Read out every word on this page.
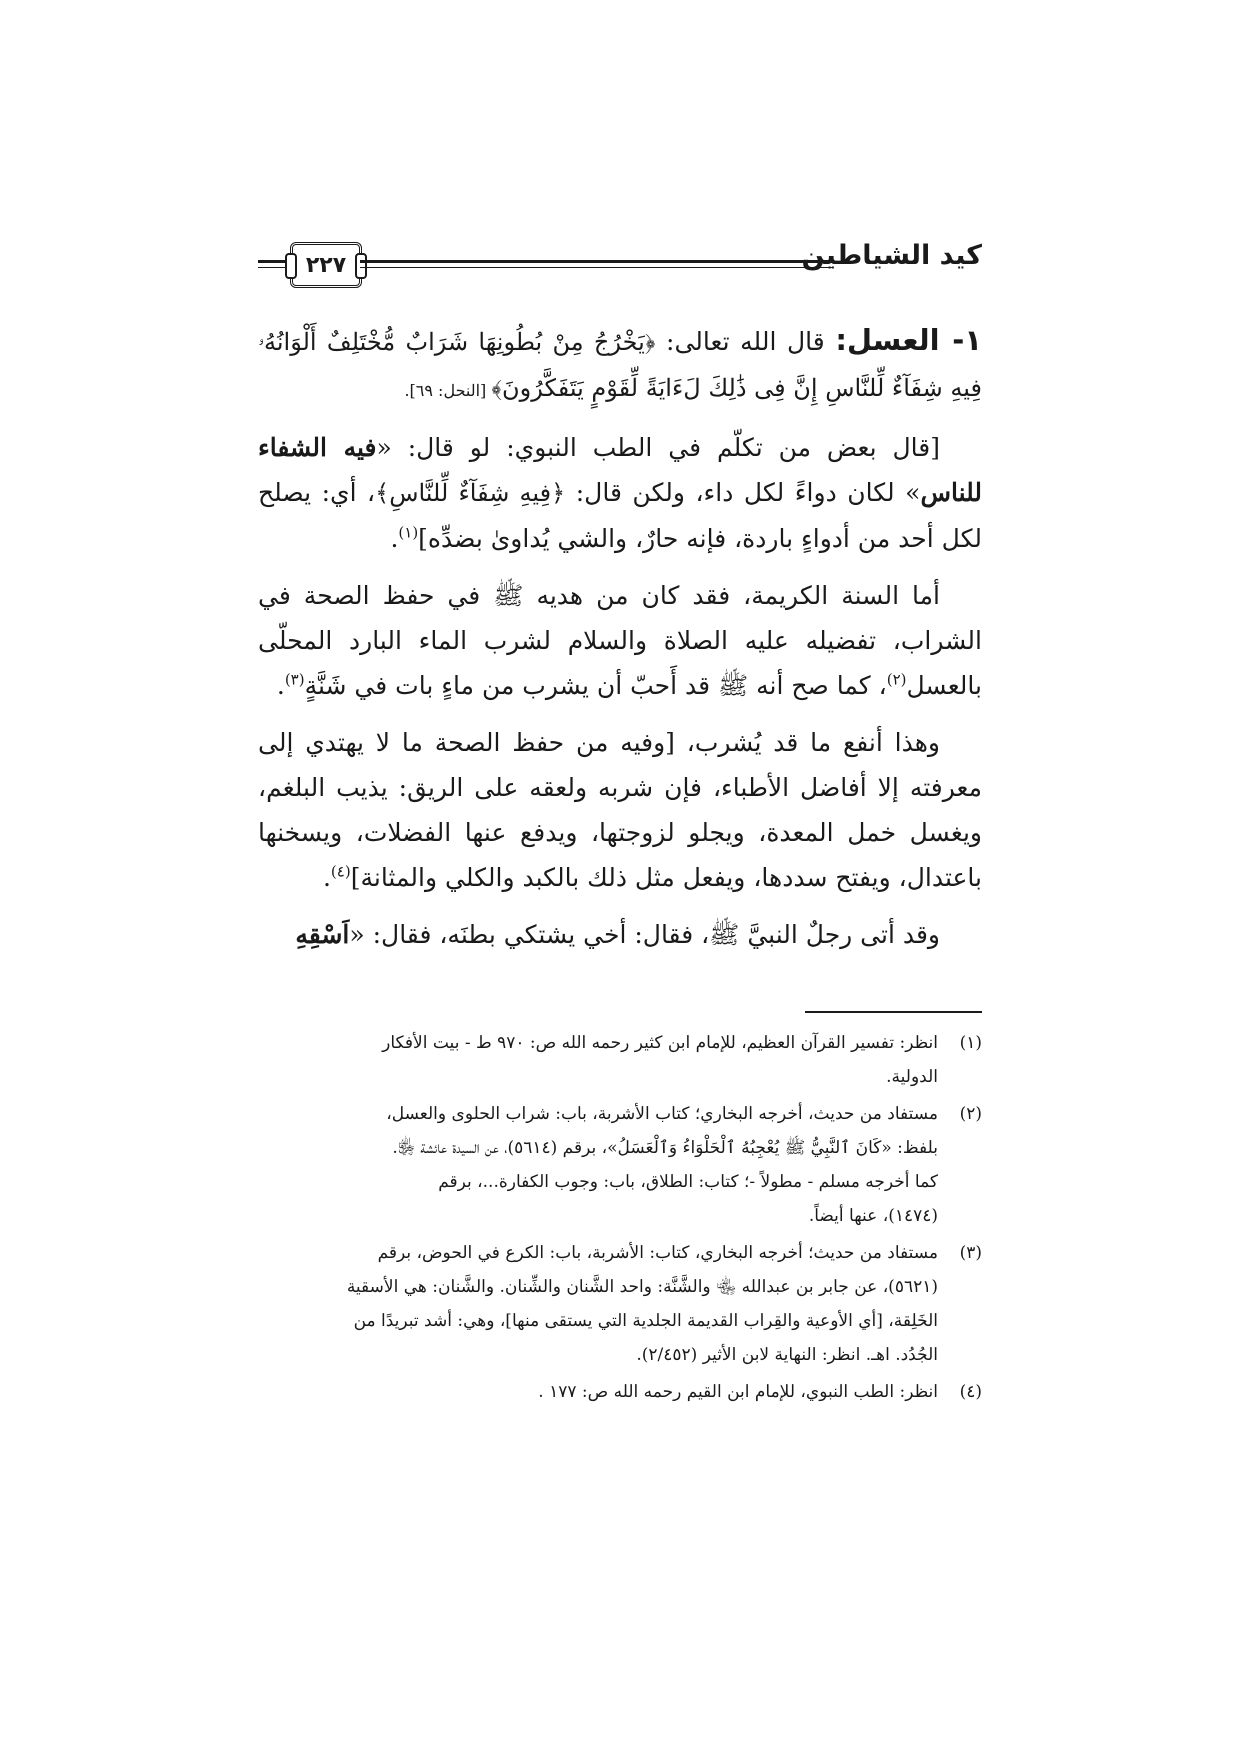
٢٢٧	كيد الشياطين

١- العسل: قال الله تعالى: ﴿يَخْرُجُ مِنْ بُطُونِهَا شَرَابٌ مُّخْتَلِفٌ أَلْوَانُهُۥ فِيهِ شِفَآءٌ لِّلنَّاسِ إِنَّ فِى ذَٰلِكَ لَءَايَةً لِّقَوْمٍ يَتَفَكَّرُونَ﴾ [النحل: ٦٩].

[قال بعض من تكلّم في الطب النبوي: لو قال: «فيه الشفاء للناس» لكان دواءً لكل داء، ولكن قال: ﴿فِيهِ شِفَآءٌ لِّلنَّاسِ﴾، أي: يصلح لكل أحد من أدواءٍ باردة، فإنه حارٌ، والشي يُداوىٰ بضدِّه]$^{(١)}$.

أما السنة الكريمة، فقد كان من هديه ﷺ في حفظ الصحة في الشراب، تفضيله عليه الصلاة والسلام لشرب الماء البارد المحلّى بالعسل$^{(٢)}$، كما صح أنه ﷺ قد أَحبّ أن يشرب من ماءٍ بات في شَنَّةٍ$^{(٣)}$.

وهذا أنفع ما قد يُشرب، [وفيه من حفظ الصحة ما لا يهتدي إلى معرفته إلا أفاضل الأطباء، فإن شربه ولعقه على الريق: يذيب البلغم، ويغسل خمل المعدة، ويجلو لزوجتها، ويدفع عنها الفضلات، ويسخنها باعتدال، ويفتح سددها، ويفعل مثل ذلك بالكبد والكلي والمثانة]$^{(٤)}$.

وقد أتى رجلٌ النبيَّ ﷺ، فقال: أخي يشتكي بطنَه، فقال: «اَسْقِهِ

(١)
انظر: تفسير القرآن العظيم، للإمام ابن كثير رحمه الله ص: ٩٧٠ ط - بيت الأفكار
الدولية.
(٢)
مستفاد من حديث، أخرجه البخاري؛ كتاب الأشربة، باب: شراب الحلوى والعسل،
بلفظ: «كَانَ ٱلنَّبِيُّ ﷺ يُعْجِبُهُ ٱلْحَلْوَاءُ وَٱلْعَسَلُ»، برقم (٥٦١٤)، عن السيدة عائشة ﵂.
كما أخرجه مسلم - مطولاً -؛ كتاب: الطلاق، باب: وجوب الكفارة...، برقم
(١٤٧٤)، عنها أيضاً.
(٣)
مستفاد من حديث؛ أخرجه البخاري، كتاب: الأشربة، باب: الكرع في الحوض، برقم
(٥٦٢١)، عن جابر بن عبدالله ﵄ والشَّنَّة: واحد الشَّنان والشِّنان. والشَّنان: هي الأسقية
الخَلِقة، [أي الأوعية والقِراب القديمة الجلدية التي يستقى منها]، وهي: أشد تبريدًا من
الجُدُد. اهـ. انظر: النهاية لابن الأثير (٢/٤٥٢).
(٤)
انظر: الطب النبوي، للإمام ابن القيم رحمه الله ص: ١٧٧ .
